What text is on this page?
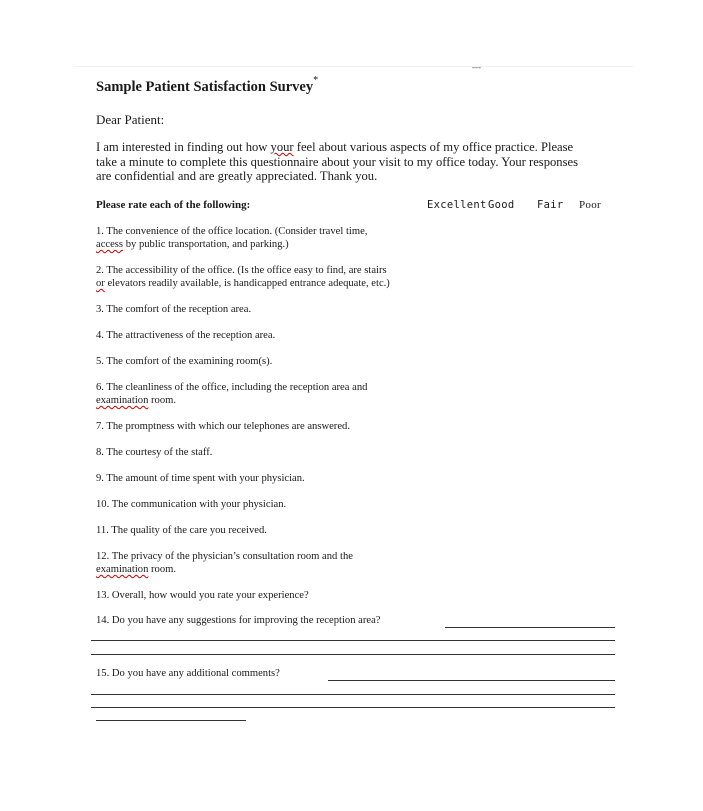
---
Sample Patient Satisfaction Survey*
Dear Patient:
I am interested in finding out how your feel about various aspects of my office practice. Please
take a minute to complete this questionnaire about your visit to my office today. Your responses
are confidential and are greatly appreciated. Thank you.
Please rate each of the following:	Excellent Good Fair Poor
1. The convenience of the office location. (Consider travel time,
access by public transportation, and parking.)
2. The accessibility of the office. (Is the office easy to find, are stairs
or elevators readily available, is handicapped entrance adequate, etc.)
3. The comfort of the reception area.
4. The attractiveness of the reception area.
5. The comfort of the examining room(s).
6. The cleanliness of the office, including the reception area and
examination room.
7. The promptness with which our telephones are answered.
8. The courtesy of the staff.
9. The amount of time spent with your physician.
10. The communication with your physician.
11. The quality of the care you received.
12. The privacy of the physician’s consultation room and the
examination room.
13. Overall, how would you rate your experience?
14. Do you have any suggestions for improving the reception area?
15. Do you have any additional comments?
